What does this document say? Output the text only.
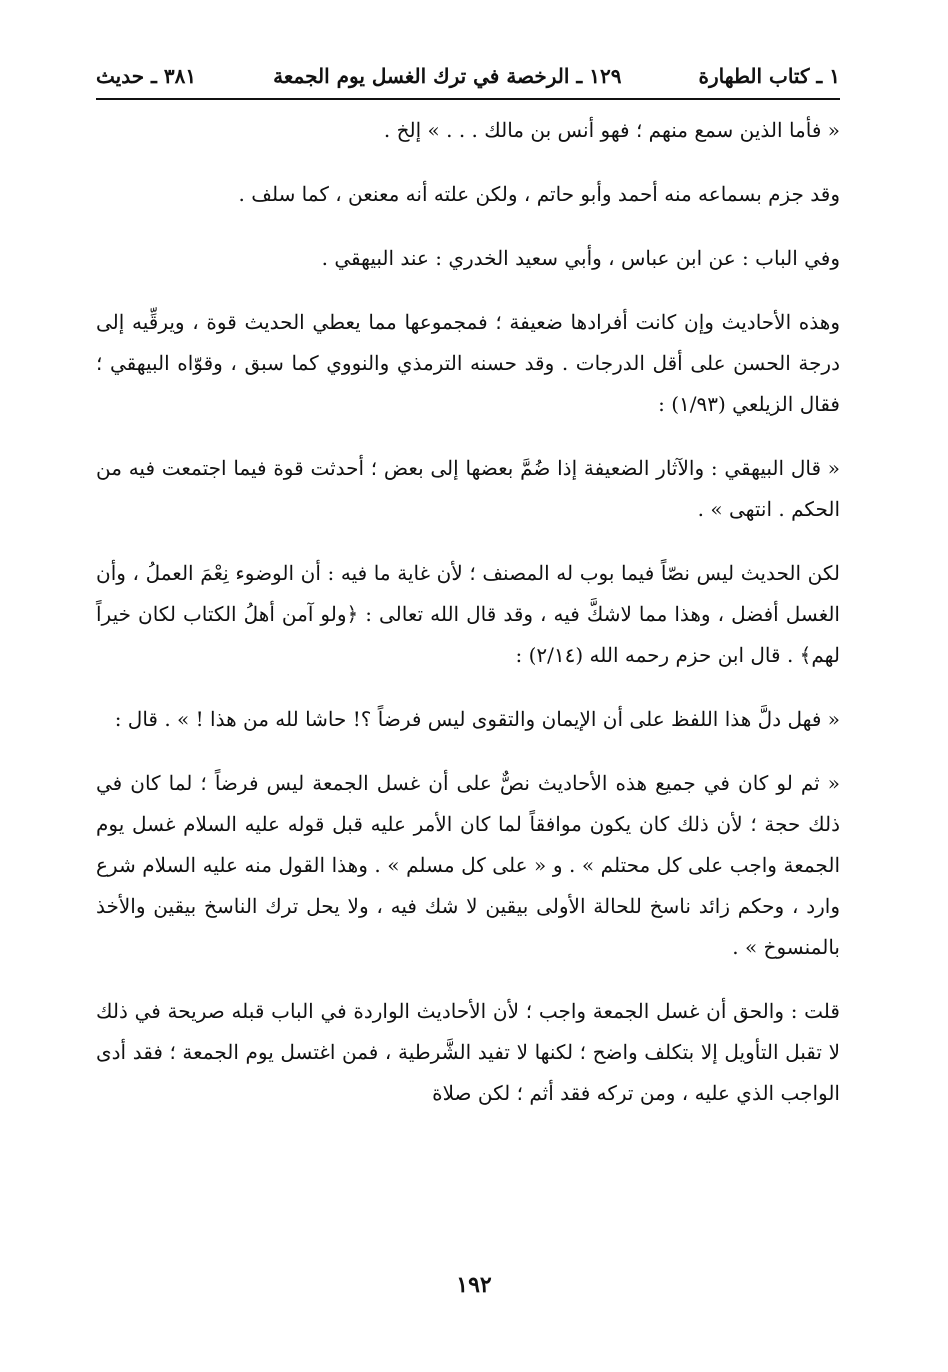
١ ـ كتاب الطهارة
١٢٩ ـ الرخصة في ترك الغسل يوم الجمعة
٣٨١ ـ حديث

« فأما الذين سمع منهم ؛ فهو أنس بن مالك . . . » إلخ .

وقد جزم بسماعه منه أحمد وأبو حاتم ، ولكن علته أنه معنعن ، كما سلف .

وفي الباب : عن ابن عباس ، وأبي سعيد الخدري : عند البيهقي .

وهذه الأحاديث وإن كانت أفرادها ضعيفة ؛ فمجموعها مما يعطي الحديث قوة ، ويرقِّيه إلى درجة الحسن على أقل الدرجات . وقد حسنه الترمذي والنووي كما سبق ، وقوّاه البيهقي ؛ فقال الزيلعي (١/٩٣) :

« قال البيهقي : والآثار الضعيفة إذا ضُمَّ بعضها إلى بعض ؛ أحدثت قوة فيما اجتمعت فيه من الحكم . انتهى » .

لكن الحديث ليس نصّاً فيما بوب له المصنف ؛ لأن غاية ما فيه : أن الوضوء نِعْمَ العملُ ، وأن الغسل أفضل ، وهذا مما لاشكَّ فيه ، وقد قال الله تعالى : ﴿ولو آمن أهلُ الكتاب لكان خيراً لهم﴾ . قال ابن حزم رحمه الله (٢/١٤) :

« فهل دلَّ هذا اللفظ على أن الإيمان والتقوى ليس فرضاً ؟! حاشا لله من هذا ! » . قال :

« ثم لو كان في جميع هذه الأحاديث نصٌّ على أن غسل الجمعة ليس فرضاً ؛ لما كان في ذلك حجة ؛ لأن ذلك كان يكون موافقاً لما كان الأمر عليه قبل قوله عليه السلام غسل يوم الجمعة واجب على كل محتلم » . و « على كل مسلم » . وهذا القول منه عليه السلام شرع وارد ، وحكم زائد ناسخ للحالة الأولى بيقين لا شك فيه ، ولا يحل ترك الناسخ بيقين والأخذ بالمنسوخ » .

قلت : والحق أن غسل الجمعة واجب ؛ لأن الأحاديث الواردة في الباب قبله صريحة في ذلك لا تقبل التأويل إلا بتكلف واضح ؛ لكنها لا تفيد الشَّرطية ، فمن اغتسل يوم الجمعة ؛ فقد أدى الواجب الذي عليه ، ومن تركه فقد أثم ؛ لكن صلاة

١٩٢
